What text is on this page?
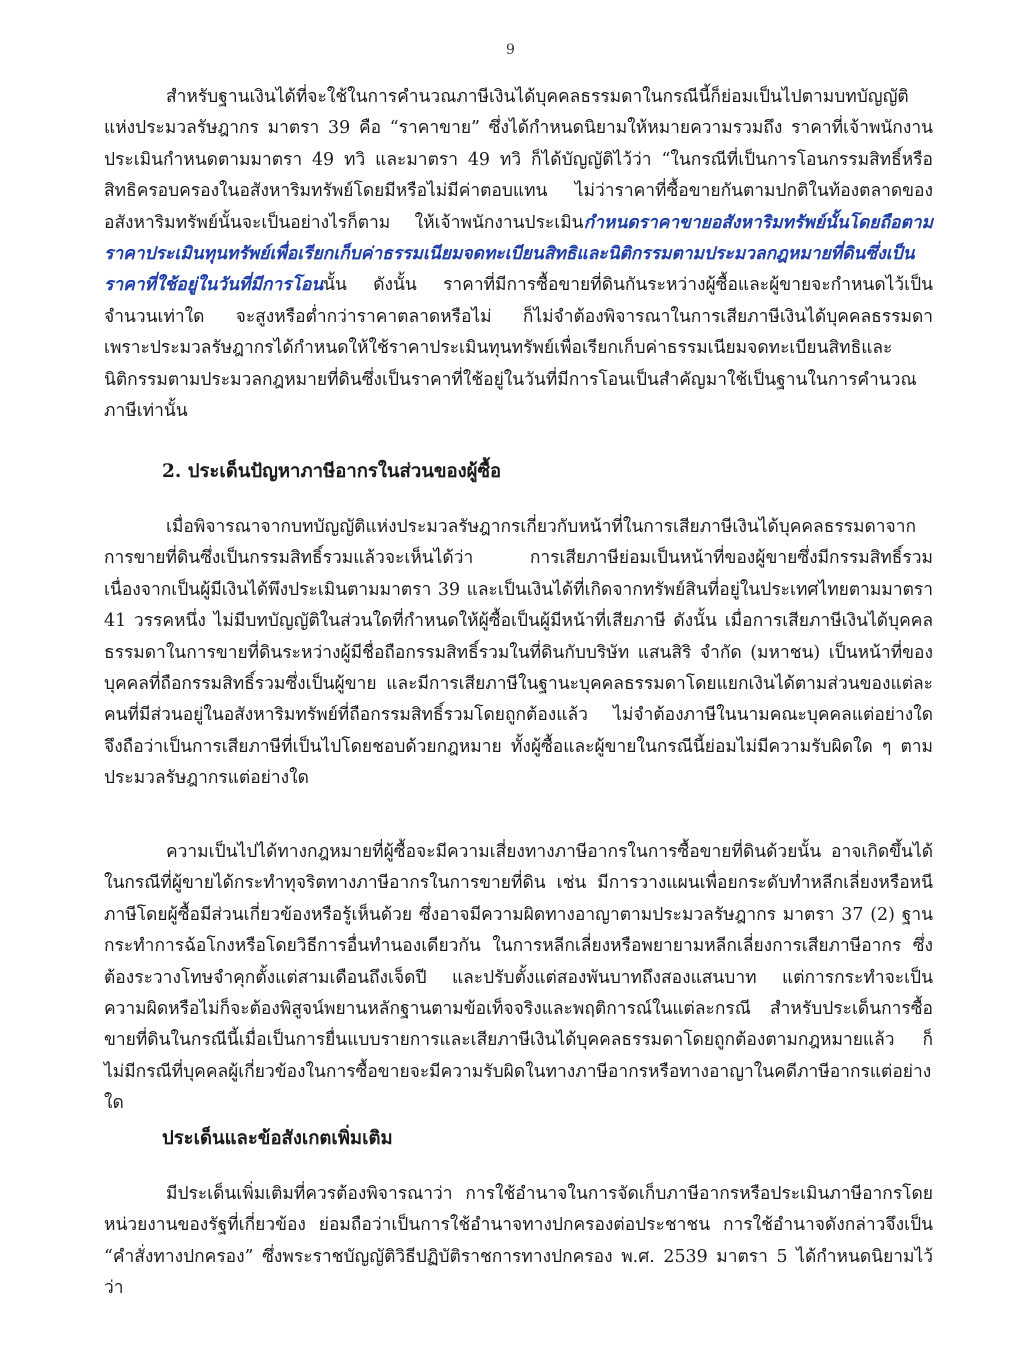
9

สำหรับฐานเงินได้ที่จะใช้ในการคำนวณภาษีเงินได้บุคคลธรรมดาในกรณีนี้ก็ย่อมเป็นไปตามบทบัญญัติแห่งประมวลรัษฎากร มาตรา 39 คือ “ราคาขาย” ซึ่งได้กำหนดนิยามให้หมายความรวมถึง ราคาที่เจ้าพนักงานประเมินกำหนดตามมาตรา 49 ทวิ และมาตรา 49 ทวิ ก็ได้บัญญัติไว้ว่า “ในกรณีที่เป็นการโอนกรรมสิทธิ์หรือสิทธิครอบครองในอสังหาริมทรัพย์โดยมีหรือไม่มีค่าตอบแทน ไม่ว่าราคาที่ซื้อขายกันตามปกติในท้องตลาดของอสังหาริมทรัพย์นั้นจะเป็นอย่างไรก็ตาม ให้เจ้าพนักงานประเมินกำหนดราคาขายอสังหาริมทรัพย์นั้นโดยถือตามราคาประเมินทุนทรัพย์เพื่อเรียกเก็บค่าธรรมเนียมจดทะเบียนสิทธิและนิติกรรมตามประมวลกฎหมายที่ดินซึ่งเป็นราคาที่ใช้อยู่ในวันที่มีการโอนนั้น ดังนั้น ราคาที่มีการซื้อขายที่ดินกันระหว่างผู้ซื้อและผู้ขายจะกำหนดไว้เป็นจำนวนเท่าใด จะสูงหรือต่ำกว่าราคาตลาดหรือไม่ ก็ไม่จำต้องพิจารณาในการเสียภาษีเงินได้บุคคลธรรมดา เพราะประมวลรัษฎากรได้กำหนดให้ใช้ราคาประเมินทุนทรัพย์เพื่อเรียกเก็บค่าธรรมเนียมจดทะเบียนสิทธิและนิติกรรมตามประมวลกฎหมายที่ดินซึ่งเป็นราคาที่ใช้อยู่ในวันที่มีการโอนเป็นสำคัญมาใช้เป็นฐานในการคำนวณภาษีเท่านั้น

2. ประเด็นปัญหาภาษีอากรในส่วนของผู้ซื้อ

เมื่อพิจารณาจากบทบัญญัติแห่งประมวลรัษฎากรเกี่ยวกับหน้าที่ในการเสียภาษีเงินได้บุคคลธรรมดาจากการขายที่ดินซึ่งเป็นกรรมสิทธิ์รวมแล้วจะเห็นได้ว่า การเสียภาษีย่อมเป็นหน้าที่ของผู้ขายซึ่งมีกรรมสิทธิ์รวมเนื่องจากเป็นผู้มีเงินได้พึงประเมินตามมาตรา 39 และเป็นเงินได้ที่เกิดจากทรัพย์สินที่อยู่ในประเทศไทยตามมาตรา 41 วรรคหนึ่ง ไม่มีบทบัญญัติในส่วนใดที่กำหนดให้ผู้ซื้อเป็นผู้มีหน้าที่เสียภาษี ดังนั้น เมื่อการเสียภาษีเงินได้บุคคลธรรมดาในการขายที่ดินระหว่างผู้มีชื่อถือกรรมสิทธิ์รวมในที่ดินกับบริษัท แสนสิริ จำกัด (มหาชน) เป็นหน้าที่ของบุคคลที่ถือกรรมสิทธิ์รวมซึ่งเป็นผู้ขาย และมีการเสียภาษีในฐานะบุคคลธรรมดาโดยแยกเงินได้ตามส่วนของแต่ละคนที่มีส่วนอยู่ในอสังหาริมทรัพย์ที่ถือกรรมสิทธิ์รวมโดยถูกต้องแล้ว ไม่จำต้องภาษีในนามคณะบุคคลแต่อย่างใด จึงถือว่าเป็นการเสียภาษีที่เป็นไปโดยชอบด้วยกฎหมาย ทั้งผู้ซื้อและผู้ขายในกรณีนี้ย่อมไม่มีความรับผิดใด ๆ ตามประมวลรัษฎากรแต่อย่างใด

ความเป็นไปได้ทางกฎหมายที่ผู้ซื้อจะมีความเสี่ยงทางภาษีอากรในการซื้อขายที่ดินด้วยนั้น อาจเกิดขึ้นได้ในกรณีที่ผู้ขายได้กระทำทุจริตทางภาษีอากรในการขายที่ดิน เช่น มีการวางแผนเพื่อยกระดับทำหลีกเลี่ยงหรือหนีภาษีโดยผู้ซื้อมีส่วนเกี่ยวข้องหรือรู้เห็นด้วย ซึ่งอาจมีความผิดทางอาญาตามประมวลรัษฎากร มาตรา 37 (2) ฐานกระทำการฉ้อโกงหรือโดยวิธีการอื่นทำนองเดียวกัน ในการหลีกเลี่ยงหรือพยายามหลีกเลี่ยงการเสียภาษีอากร ซึ่งต้องระวางโทษจำคุกตั้งแต่สามเดือนถึงเจ็ดปี และปรับตั้งแต่สองพันบาทถึงสองแสนบาท แต่การกระทำจะเป็นความผิดหรือไม่ก็จะต้องพิสูจน์พยานหลักฐานตามข้อเท็จจริงและพฤติการณ์ในแต่ละกรณี สำหรับประเด็นการซื้อขายที่ดินในกรณีนี้เมื่อเป็นการยื่นแบบรายการและเสียภาษีเงินได้บุคคลธรรมดาโดยถูกต้องตามกฎหมายแล้ว ก็ไม่มีกรณีที่บุคคลผู้เกี่ยวข้องในการซื้อขายจะมีความรับผิดในทางภาษีอากรหรือทางอาญาในคดีภาษีอากรแต่อย่างใด

ประเด็นและข้อสังเกตเพิ่มเติม

มีประเด็นเพิ่มเติมที่ควรต้องพิจารณาว่า การใช้อำนาจในการจัดเก็บภาษีอากรหรือประเมินภาษีอากรโดยหน่วยงานของรัฐที่เกี่ยวข้อง ย่อมถือว่าเป็นการใช้อำนาจทางปกครองต่อประชาชน การใช้อำนาจดังกล่าวจึงเป็น “คำสั่งทางปกครอง” ซึ่งพระราชบัญญัติวิธีปฏิบัติราชการทางปกครอง พ.ศ. 2539 มาตรา 5 ได้กำหนดนิยามไว้ว่า
